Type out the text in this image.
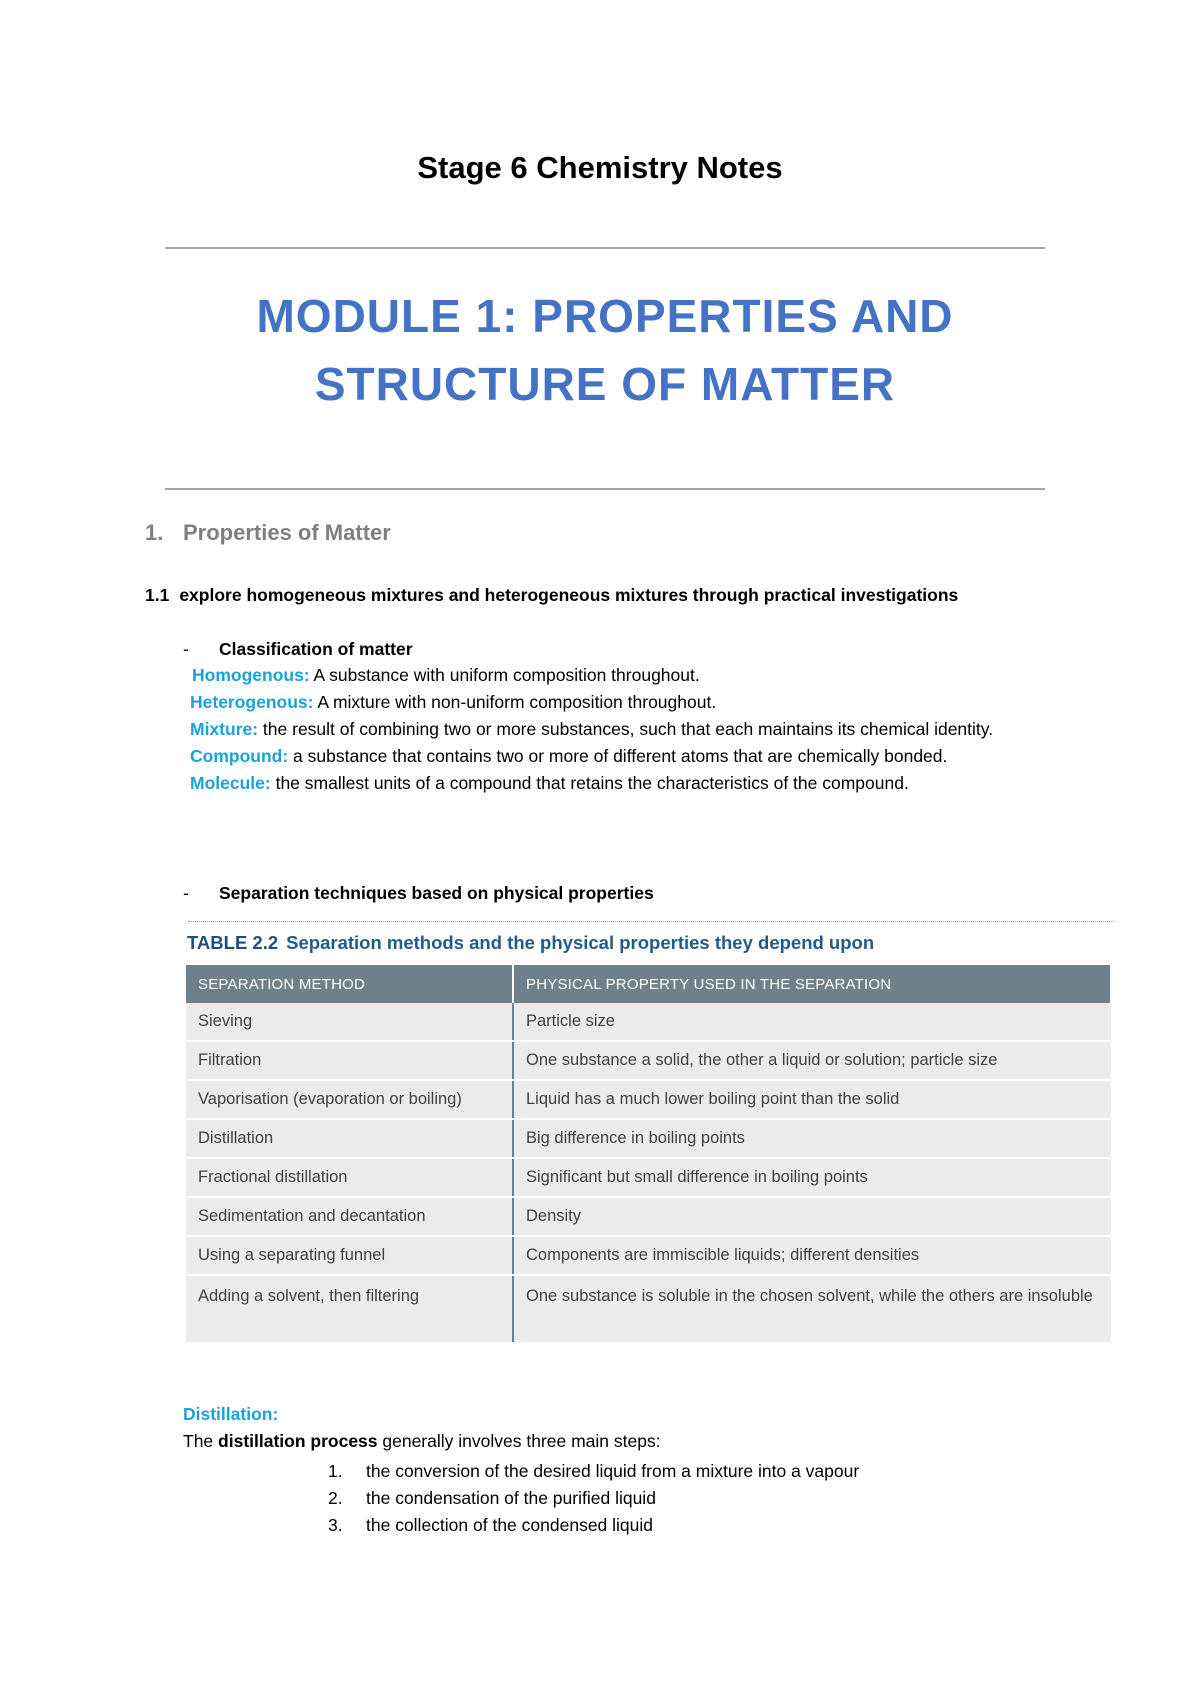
Stage 6 Chemistry Notes
MODULE 1: PROPERTIES AND
STRUCTURE OF MATTER
1. Properties of Matter
1.1 explore homogeneous mixtures and heterogeneous mixtures through practical investigations
- Classification of matter

Homogenous: A substance with uniform composition throughout.

Heterogenous: A mixture with non-uniform composition throughout.

Mixture: the result of combining two or more substances, such that each maintains its chemical identity.

Compound: a substance that contains two or more of different atoms that are chemically bonded.

Molecule: the smallest units of a compound that retains the characteristics of the compound.

- Separation techniques based on physical properties
TABLE 2.2 Separation methods and the physical properties they depend upon
SEPARATION METHOD	PHYSICAL PROPERTY USED IN THE SEPARATION
Sieving	Particle size
Filtration	One substance a solid, the other a liquid or solution; particle size
Vaporisation (evaporation or boiling)	Liquid has a much lower boiling point than the solid
Distillation	Big difference in boiling points
Fractional distillation	Significant but small difference in boiling points
Sedimentation and decantation	Density
Using a separating funnel	Components are immiscible liquids; different densities
Adding a solvent, then filtering	One substance is soluble in the chosen solvent, while the others are insoluble
Distillation:
The distillation process generally involves three main steps:
1. the conversion of the desired liquid from a mixture into a vapour
2. the condensation of the purified liquid
3. the collection of the condensed liquid
